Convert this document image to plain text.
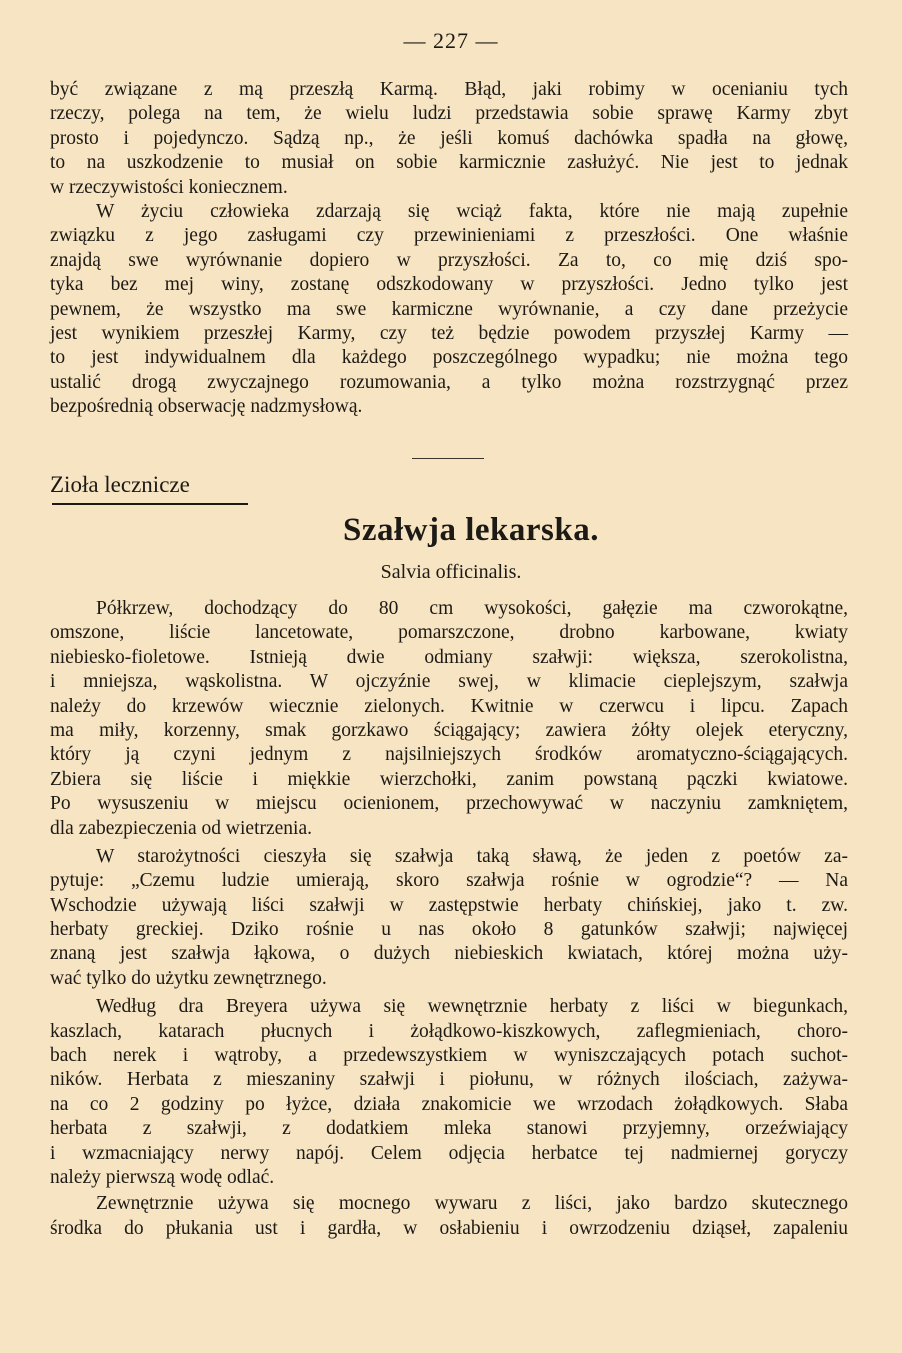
— 227 —
być związane z mą przeszłą Karmą. Błąd, jaki robimy w ocenianiu tych
rzeczy, polega na tem, że wielu ludzi przedstawia sobie sprawę Karmy zbyt
prosto i pojedynczo. Sądzą np., że jeśli komuś dachówka spadła na głowę,
to na uszkodzenie to musiał on sobie karmicznie zasłużyć. Nie jest to jednak
w rzeczywistości koniecznem.
W życiu człowieka zdarzają się wciąż fakta, które nie mają zupełnie
związku z jego zasługami czy przewinieniami z przeszłości. One właśnie
znajdą swe wyrównanie dopiero w przyszłości. Za to, co mię dziś spo-
tyka bez mej winy, zostanę odszkodowany w przyszłości. Jedno tylko jest
pewnem, że wszystko ma swe karmiczne wyrównanie, a czy dane przeżycie
jest wynikiem przeszłej Karmy, czy też będzie powodem przyszłej Karmy —
to jest indywidualnem dla każdego poszczególnego wypadku; nie można tego
ustalić drogą zwyczajnego rozumowania, a tylko można rozstrzygnąć przez
bezpośrednią obserwację nadzmysłową.
Zioła lecznicze
Szałwja lekarska.
Salvia officinalis.
Półkrzew, dochodzący do 80 cm wysokości, gałęzie ma czworokątne,
omszone, liście lancetowate, pomarszczone, drobno karbowane, kwiaty
niebiesko-fioletowe. Istnieją dwie odmiany szałwji: większa, szerokolistna,
i mniejsza, wąskolistna. W ojczyźnie swej, w klimacie cieplejszym, szałwja
należy do krzewów wiecznie zielonych. Kwitnie w czerwcu i lipcu. Zapach
ma miły, korzenny, smak gorzkawo ściągający; zawiera żółty olejek eteryczny,
który ją czyni jednym z najsilniejszych środków aromatyczno-ściągających.
Zbiera się liście i miękkie wierzchołki, zanim powstaną pączki kwiatowe.
Po wysuszeniu w miejscu ocienionem, przechowywać w naczyniu zamkniętem,
dla zabezpieczenia od wietrzenia.
W starożytności cieszyła się szałwja taką sławą, że jeden z poetów za-
pytuje: „Czemu ludzie umierają, skoro szałwja rośnie w ogrodzie“? — Na
Wschodzie używają liści szałwji w zastępstwie herbaty chińskiej, jako t. zw.
herbaty greckiej. Dziko rośnie u nas około 8 gatunków szałwji; najwięcej
znaną jest szałwja łąkowa, o dużych niebieskich kwiatach, której można uży-
wać tylko do użytku zewnętrznego.
Według dra Breyera używa się wewnętrznie herbaty z liści w biegunkach,
kaszlach, katarach płucnych i żołądkowo-kiszkowych, zaflegmieniach, choro-
bach nerek i wątroby, a przedewszystkiem w wyniszczających potach suchot-
ników. Herbata z mieszaniny szałwji i piołunu, w różnych ilościach, zażywa-
na co 2 godziny po łyżce, działa znakomicie we wrzodach żołądkowych. Słaba
herbata z szałwji, z dodatkiem mleka stanowi przyjemny, orzeźwiający
i wzmacniający nerwy napój. Celem odjęcia herbatce tej nadmiernej goryczy
należy pierwszą wodę odlać.
Zewnętrznie używa się mocnego wywaru z liści, jako bardzo skutecznego
środka do płukania ust i gardła, w osłabieniu i owrzodzeniu dziąseł, zapaleniu
